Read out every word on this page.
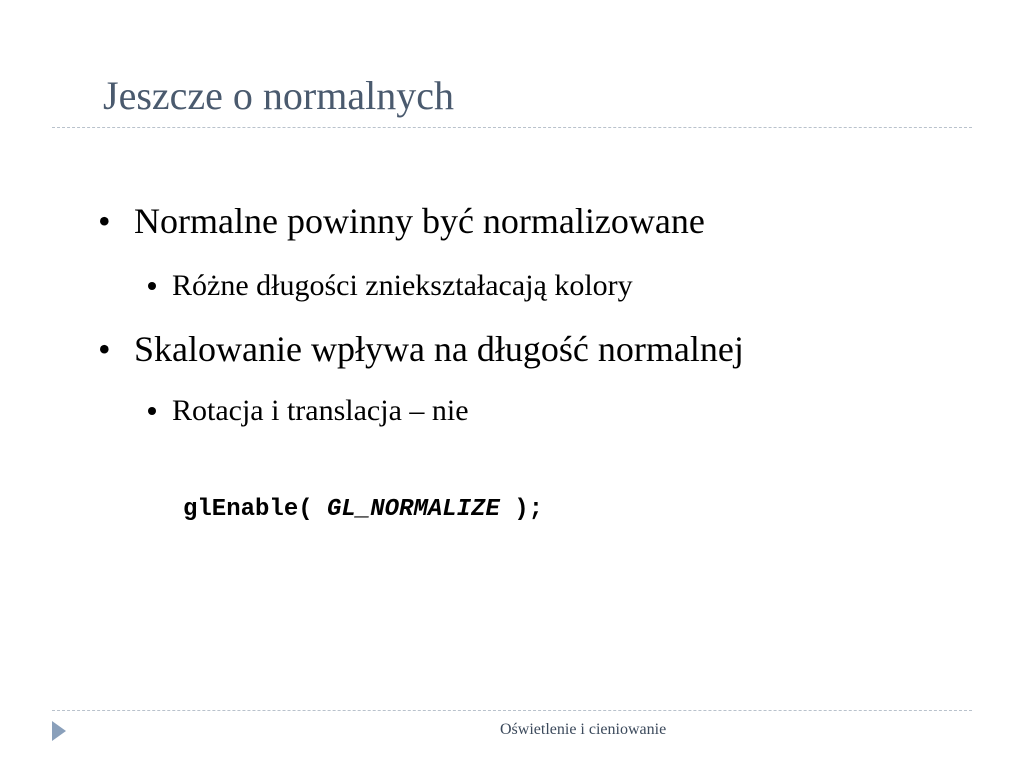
Jeszcze o normalnych
• Normalne powinny być normalizowane
Różne długości zniekształacają kolory
• Skalowanie wpływa na długość normalnej
Rotacja i translacja – nie
glEnable( GL_NORMALIZE );
Oświetlenie i cieniowanie
